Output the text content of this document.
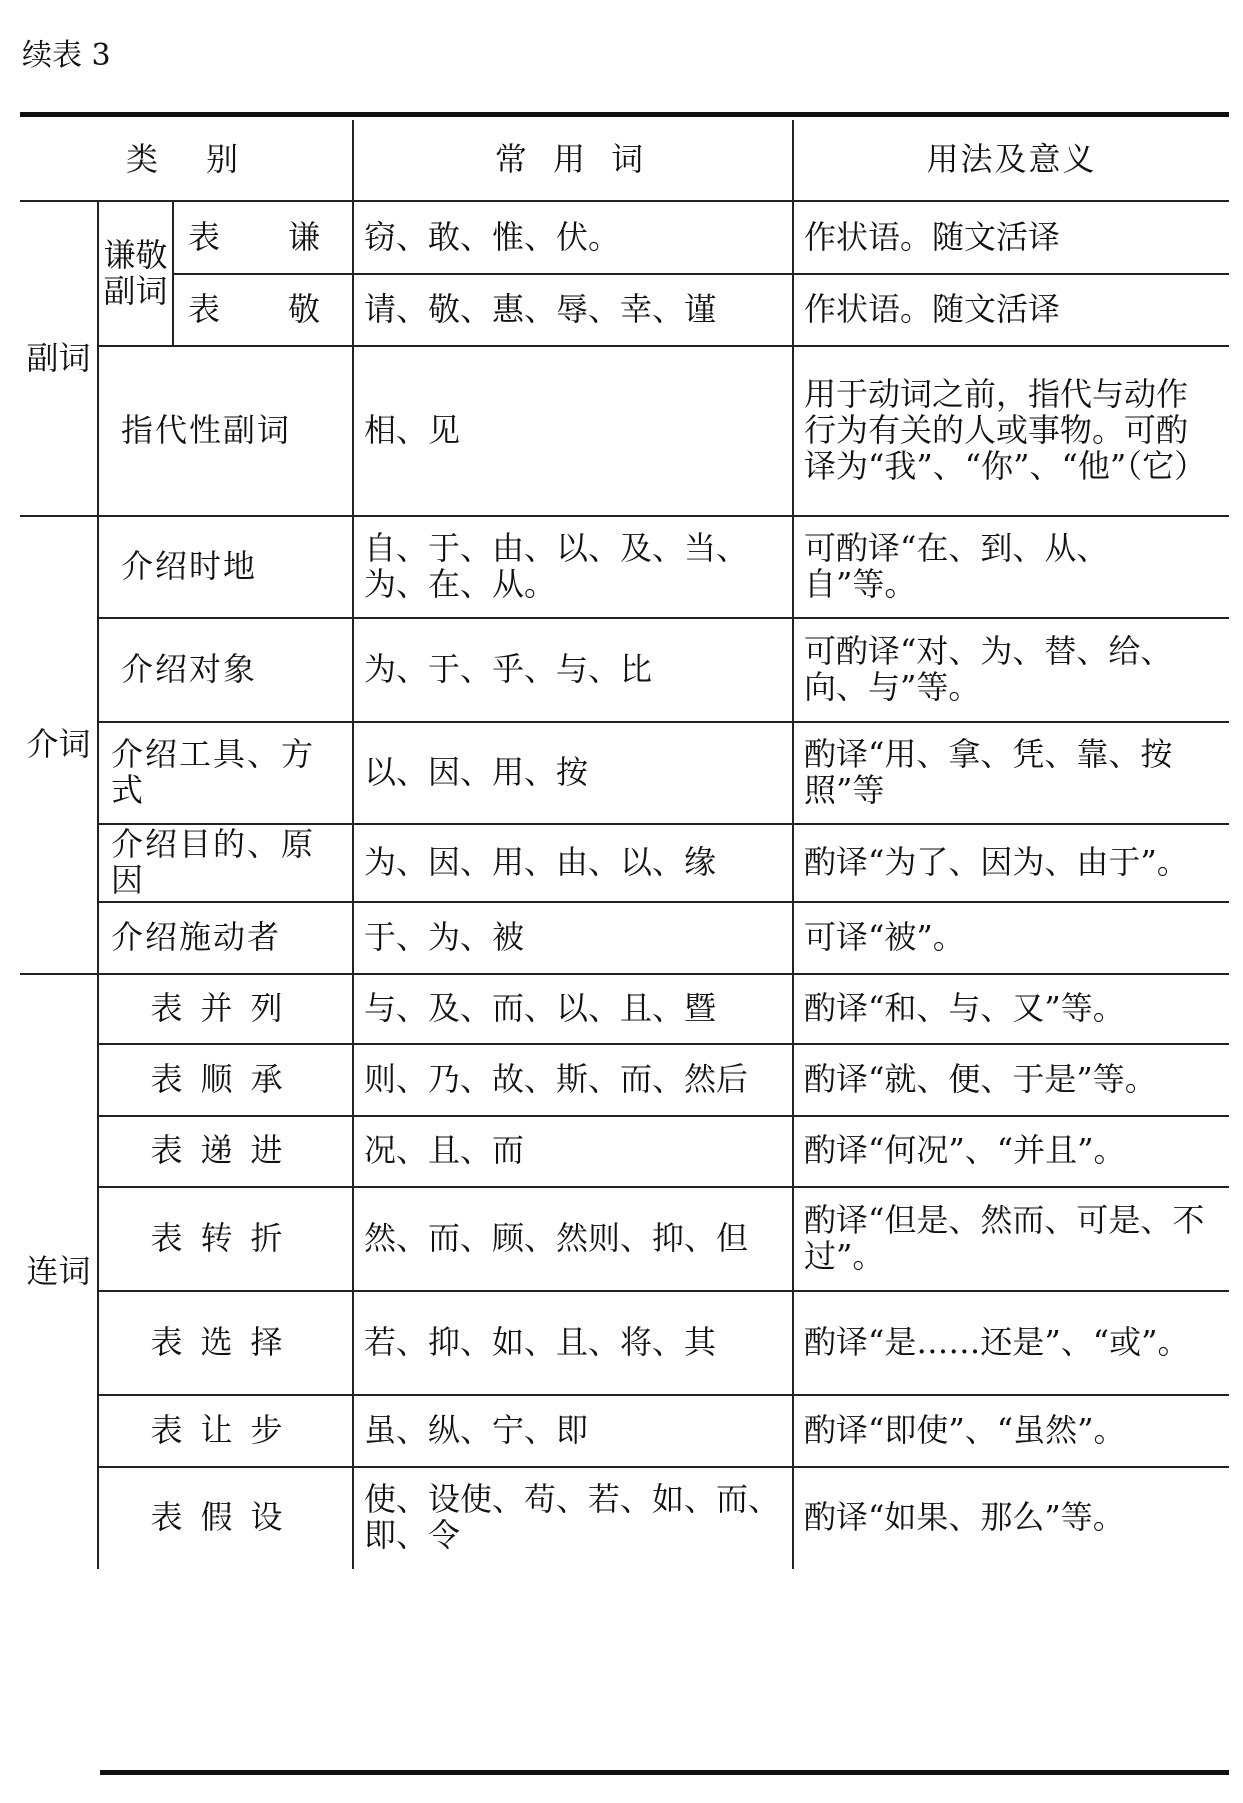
续表 3
类　别			常 用 词	用法及意义
副词	谦敬副词	表　谦	窃、敢、惟、伏。	作状语。随文活译
		表　敬	请、敬、惠、辱、幸、谨	作状语。随文活译
	指代性副词		相、见	用于动词之前，指代与动作行为有关的人或事物。可酌译为“我”、“你”、“他”（它）
介词	介绍时地		自、于、由、以、及、当、为、在、从。	可酌译“在、到、从、自”等。
	介绍对象		为、于、乎、与、比	可酌译“对、为、替、给、向、与”等。
	介绍工具、方式		以、因、用、按	酌译“用、拿、凭、靠、按照”等
	介绍目的、原因		为、因、用、由、以、缘	酌译“为了、因为、由于”。
	介绍施动者		于、为、被	可译“被”。
连词	表并列		与、及、而、以、且、暨	酌译“和、与、又”等。
	表顺承		则、乃、故、斯、而、然后	酌译“就、便、于是”等。
	表递进		况、且、而	酌译“何况”、“并且”。
	表转折		然、而、顾、然则、抑、但	酌译“但是、然而、可是、不过”。
	表选择		若、抑、如、且、将、其	酌译“是……还是”、“或”。
	表让步		虽、纵、宁、即	酌译“即使”、“虽然”。
	表假设		使、设使、苟、若、如、而、即、令	酌译“如果、那么”等。
